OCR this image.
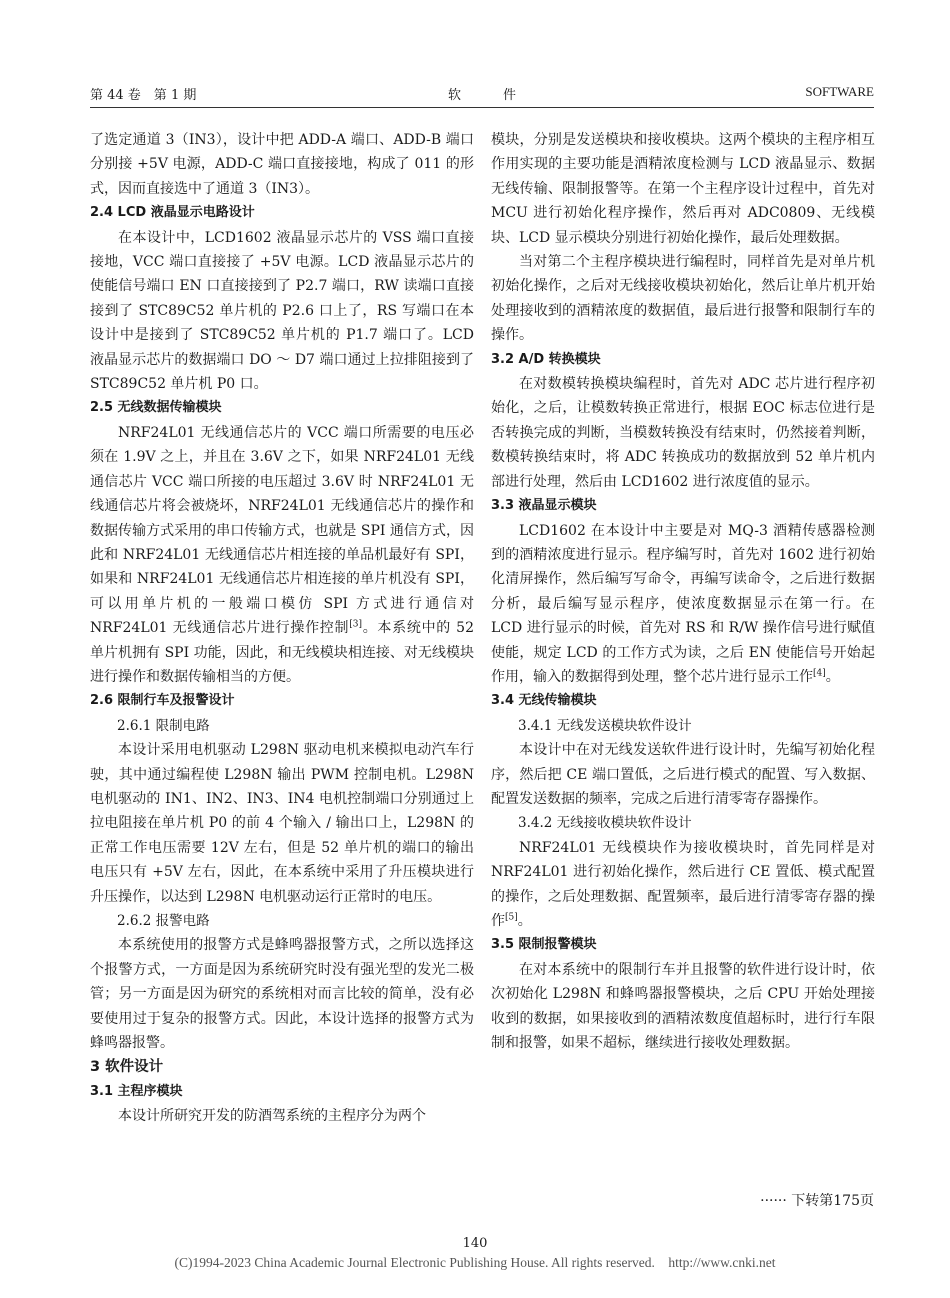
第 44 卷　第 1 期	软件	SOFTWARE

了选定通道 3（IN3），设计中把 ADD-A 端口、ADD-B 端口分别接 +5V 电源，ADD-C 端口直接接地，构成了 011 的形式，因而直接选中了通道 3（IN3）。

2.4 LCD 液晶显示电路设计

在本设计中，LCD1602 液晶显示芯片的 VSS 端口直接接地，VCC 端口直接接了 +5V 电源。LCD 液晶显示芯片的使能信号端口 EN 口直接接到了 P2.7 端口，RW 读端口直接接到了 STC89C52 单片机的 P2.6 口上了，RS 写端口在本设计中是接到了 STC89C52 单片机的 P1.7 端口了。LCD 液晶显示芯片的数据端口 DO ～ D7 端口通过上拉排阻接到了 STC89C52 单片机 P0 口。

2.5 无线数据传输模块

NRF24L01 无线通信芯片的 VCC 端口所需要的电压必须在 1.9V 之上，并且在 3.6V 之下，如果 NRF24L01 无线通信芯片 VCC 端口所接的电压超过 3.6V 时 NRF24L01 无线通信芯片将会被烧坏，NRF24L01 无线通信芯片的操作和数据传输方式采用的串口传输方式，也就是 SPI 通信方式，因此和 NRF24L01 无线通信芯片相连接的单品机最好有 SPI，如果和 NRF24L01 无线通信芯片相连接的单片机没有 SPI，可以用单片机的一般端口模仿 SPI 方式进行通信对 NRF24L01 无线通信芯片进行操作控制[3]。本系统中的 52 单片机拥有 SPI 功能，因此，和无线模块相连接、对无线模块进行操作和数据传输相当的方便。

2.6 限制行车及报警设计
2.6.1 限制电路

本设计采用电机驱动 L298N 驱动电机来模拟电动汽车行驶，其中通过编程使 L298N 输出 PWM 控制电机。L298N 电机驱动的 IN1、IN2、IN3、IN4 电机控制端口分别通过上拉电阻接在单片机 P0 的前 4 个输入 / 输出口上，L298N 的正常工作电压需要 12V 左右，但是 52 单片机的端口的输出电压只有 +5V 左右，因此，在本系统中采用了升压模块进行升压操作，以达到 L298N 电机驱动运行正常时的电压。

2.6.2 报警电路

本系统使用的报警方式是蜂鸣器报警方式，之所以选择这个报警方式，一方面是因为系统研究时没有强光型的发光二极管；另一方面是因为研究的系统相对而言比较的简单，没有必要使用过于复杂的报警方式。因此，本设计选择的报警方式为蜂鸣器报警。

3 软件设计
3.1 主程序模块

本设计所研究开发的防酒驾系统的主程序分为两个

模块，分别是发送模块和接收模块。这两个模块的主程序相互作用实现的主要功能是酒精浓度检测与 LCD 液晶显示、数据无线传输、限制报警等。在第一个主程序设计过程中，首先对 MCU 进行初始化程序操作，然后再对 ADC0809、无线模块、LCD 显示模块分别进行初始化操作，最后处理数据。

当对第二个主程序模块进行编程时，同样首先是对单片机初始化操作，之后对无线接收模块初始化，然后让单片机开始处理接收到的酒精浓度的数据值，最后进行报警和限制行车的操作。

3.2 A/D 转换模块

在对数模转换模块编程时，首先对 ADC 芯片进行程序初始化，之后，让模数转换正常进行，根据 EOC 标志位进行是否转换完成的判断，当模数转换没有结束时，仍然接着判断，数模转换结束时，将 ADC 转换成功的数据放到 52 单片机内部进行处理，然后由 LCD1602 进行浓度值的显示。

3.3 液晶显示模块

LCD1602 在本设计中主要是对 MQ-3 酒精传感器检测到的酒精浓度进行显示。程序编写时，首先对 1602 进行初始化清屏操作，然后编写写命令，再编写读命令，之后进行数据分析，最后编写显示程序，使浓度数据显示在第一行。在 LCD 进行显示的时候，首先对 RS 和 R/W 操作信号进行赋值使能，规定 LCD 的工作方式为读，之后 EN 使能信号开始起作用，输入的数据得到处理，整个芯片进行显示工作[4]。

3.4 无线传输模块
3.4.1 无线发送模块软件设计

本设计中在对无线发送软件进行设计时，先编写初始化程序，然后把 CE 端口置低，之后进行模式的配置、写入数据、配置发送数据的频率，完成之后进行清零寄存器操作。

3.4.2 无线接收模块软件设计

NRF24L01 无线模块作为接收模块时，首先同样是对 NRF24L01 进行初始化操作，然后进行 CE 置低、模式配置的操作，之后处理数据、配置频率，最后进行清零寄存器的操作[5]。

3.5 限制报警模块

在对本系统中的限制行车并且报警的软件进行设计时，依次初始化 L298N 和蜂鸣器报警模块，之后 CPU 开始处理接收到的数据，如果接收到的酒精浓数度值超标时，进行行车限制和报警，如果不超标，继续进行接收处理数据。

······ 下转第175页
140
(C)1994-2023 China Academic Journal Electronic Publishing House. All rights reserved.    http://www.cnki.net
